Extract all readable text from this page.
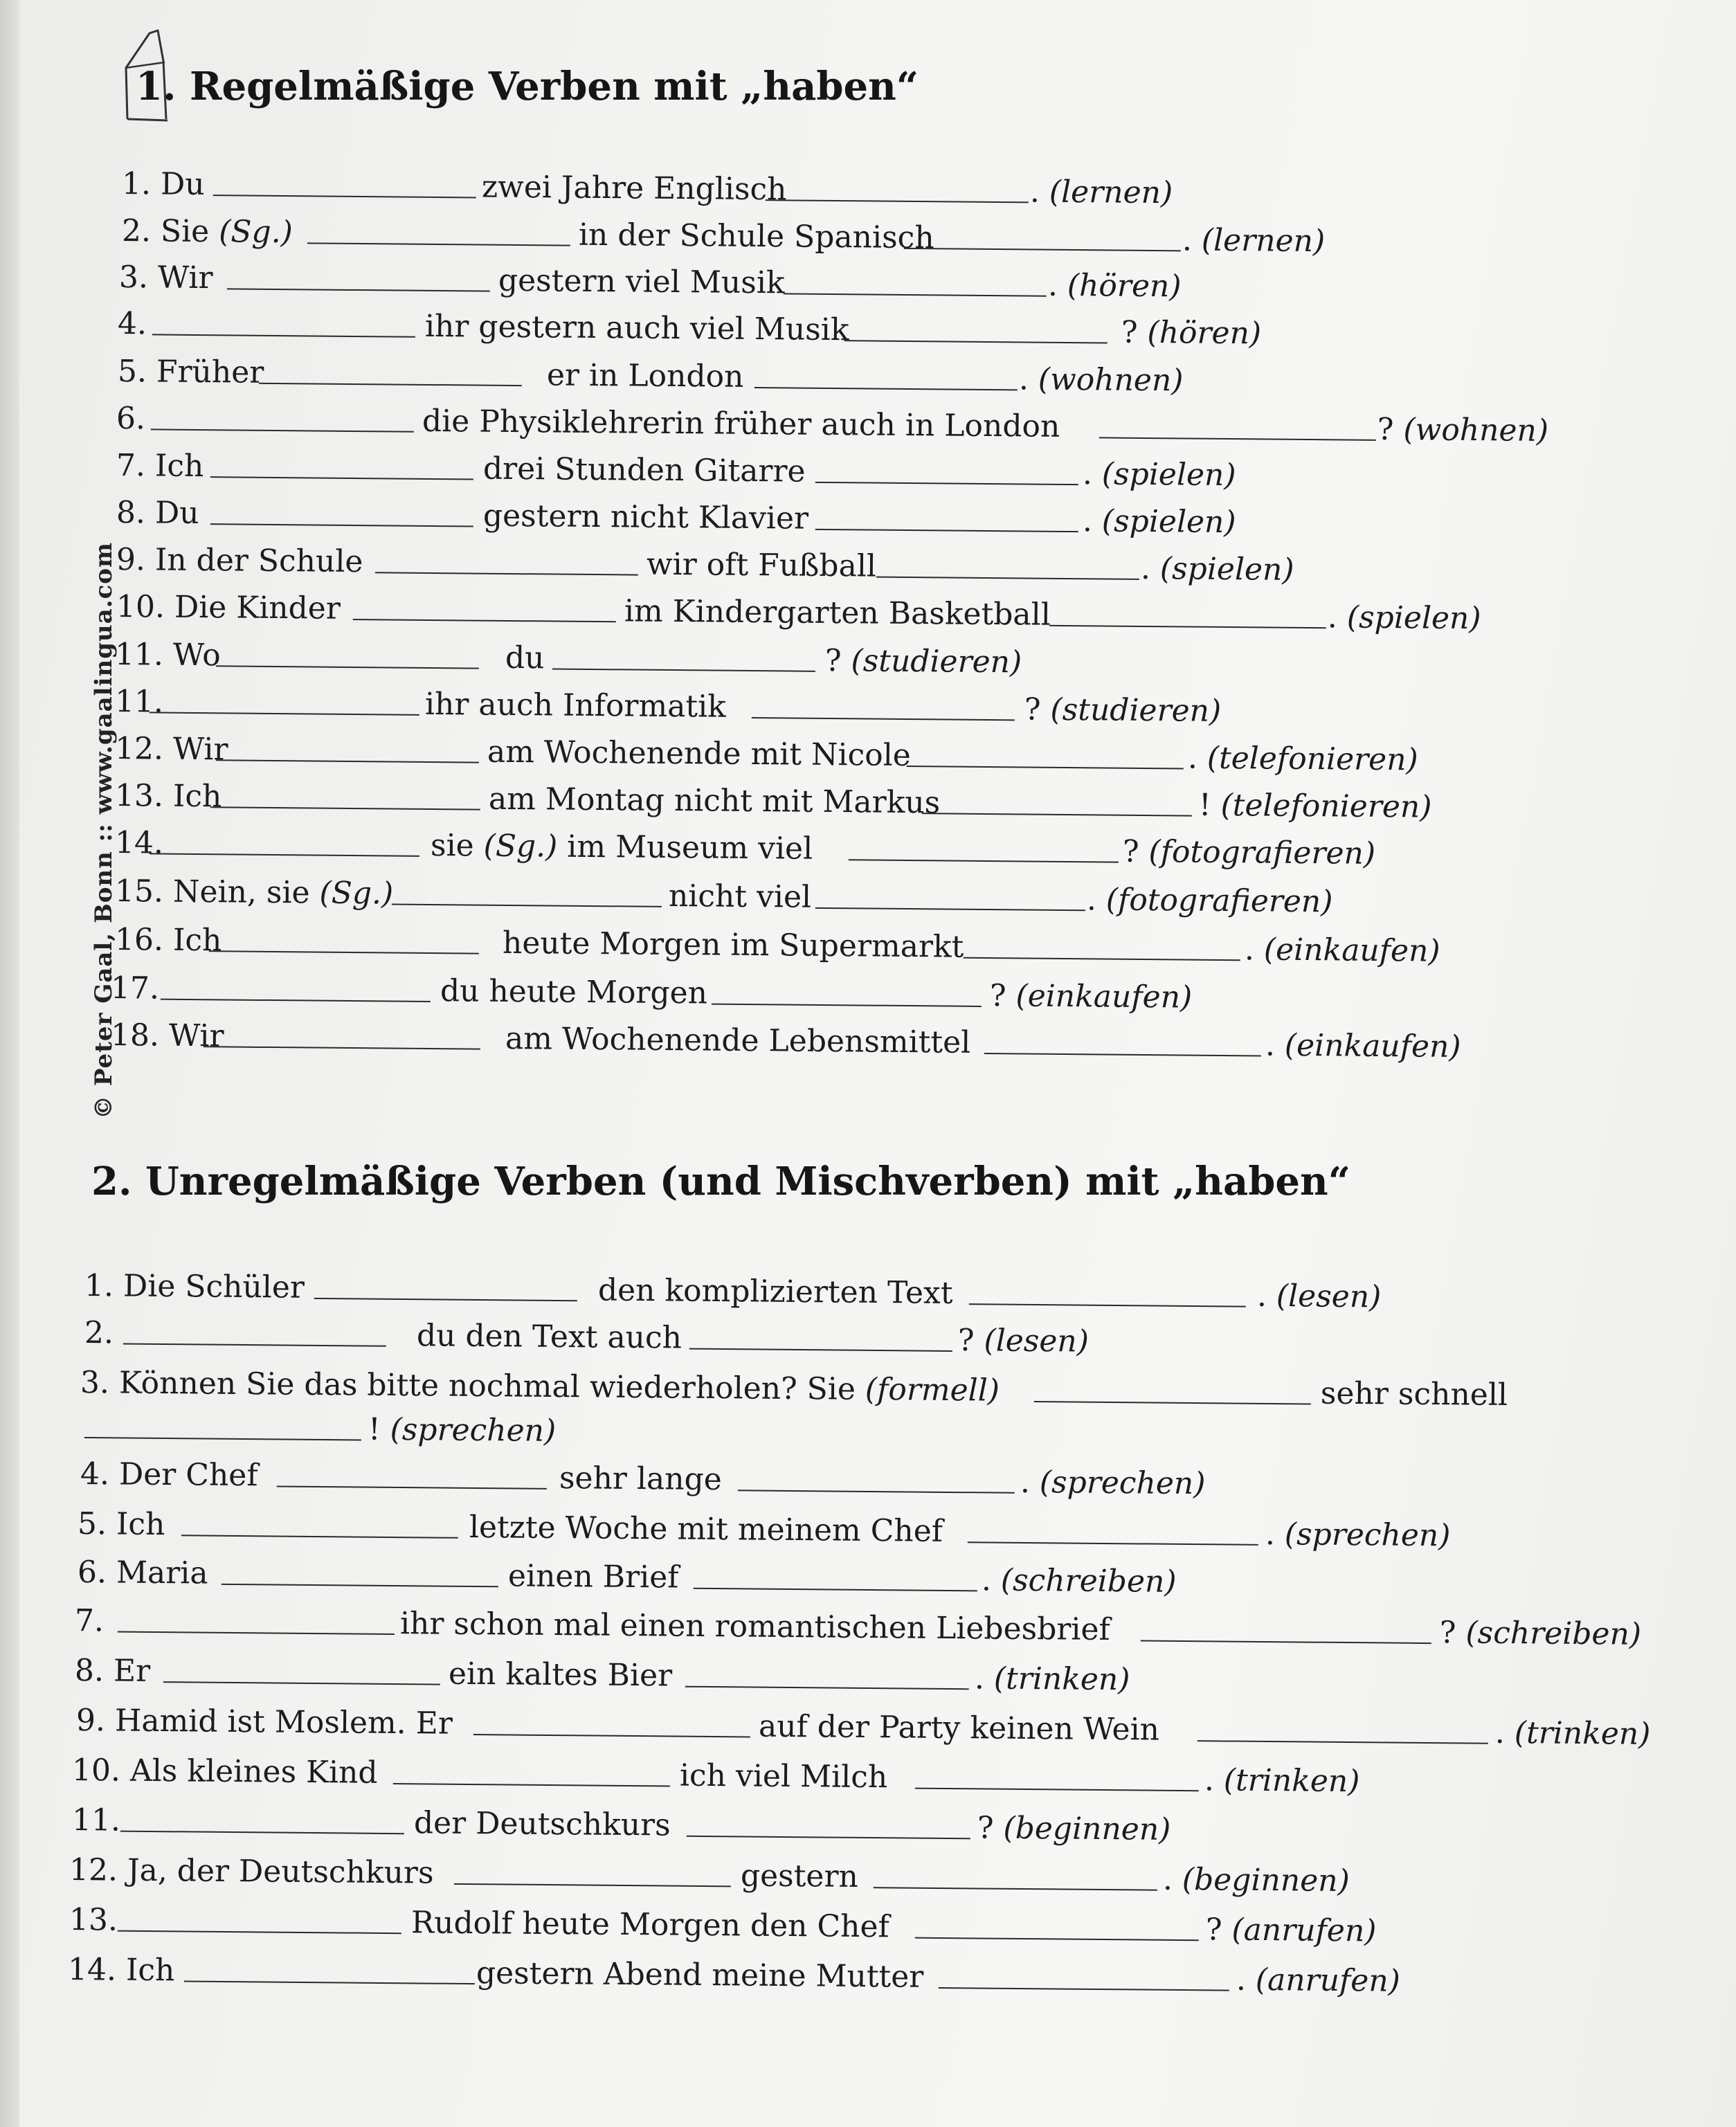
© Peter Gaal, Bonn :: www.gaalingua.com
1. Regelmäßige Verben mit „haben“
1. Du	zwei Jahre Englisch	. (lernen)
2. Sie (Sg.)	in der Schule Spanisch	. (lernen)
3. Wir	gestern viel Musik	. (hören)
4.	ihr gestern auch viel Musik	? (hören)
5. Früher	er in London	. (wohnen)
6.	die Physiklehrerin früher auch in London	? (wohnen)
7. Ich	drei Stunden Gitarre	. (spielen)
8. Du	gestern nicht Klavier	. (spielen)
9. In der Schule	wir oft Fußball	. (spielen)
10. Die Kinder	im Kindergarten Basketball	. (spielen)
11. Wo	du	? (studieren)
11.	ihr auch Informatik	? (studieren)
12. Wir	am Wochenende mit Nicole	. (telefonieren)
13. Ich	am Montag nicht mit Markus	! (telefonieren)
14.	sie (Sg.) im Museum viel	? (fotografieren)
15. Nein, sie (Sg.)	nicht viel	. (fotografieren)
16. Ich	heute Morgen im Supermarkt	. (einkaufen)
17.	du heute Morgen	? (einkaufen)
18. Wir	am Wochenende Lebensmittel	. (einkaufen)
2. Unregelmäßige Verben (und Mischverben) mit „haben“
1. Die Schüler	den komplizierten Text	. (lesen)
2.	du den Text auch	? (lesen)
3. Können Sie das bitte nochmal wiederholen? Sie (formell)	sehr schnell
! (sprechen)
4. Der Chef	sehr lange	. (sprechen)
5. Ich	letzte Woche mit meinem Chef	. (sprechen)
6. Maria	einen Brief	. (schreiben)
7.	ihr schon mal einen romantischen Liebesbrief	? (schreiben)
8. Er	ein kaltes Bier	. (trinken)
9. Hamid ist Moslem. Er	auf der Party keinen Wein	. (trinken)
10. Als kleines Kind	ich viel Milch	. (trinken)
11.	der Deutschkurs	? (beginnen)
12. Ja, der Deutschkurs	gestern	. (beginnen)
13.	Rudolf heute Morgen den Chef	? (anrufen)
14. Ich	gestern Abend meine Mutter	. (anrufen)
